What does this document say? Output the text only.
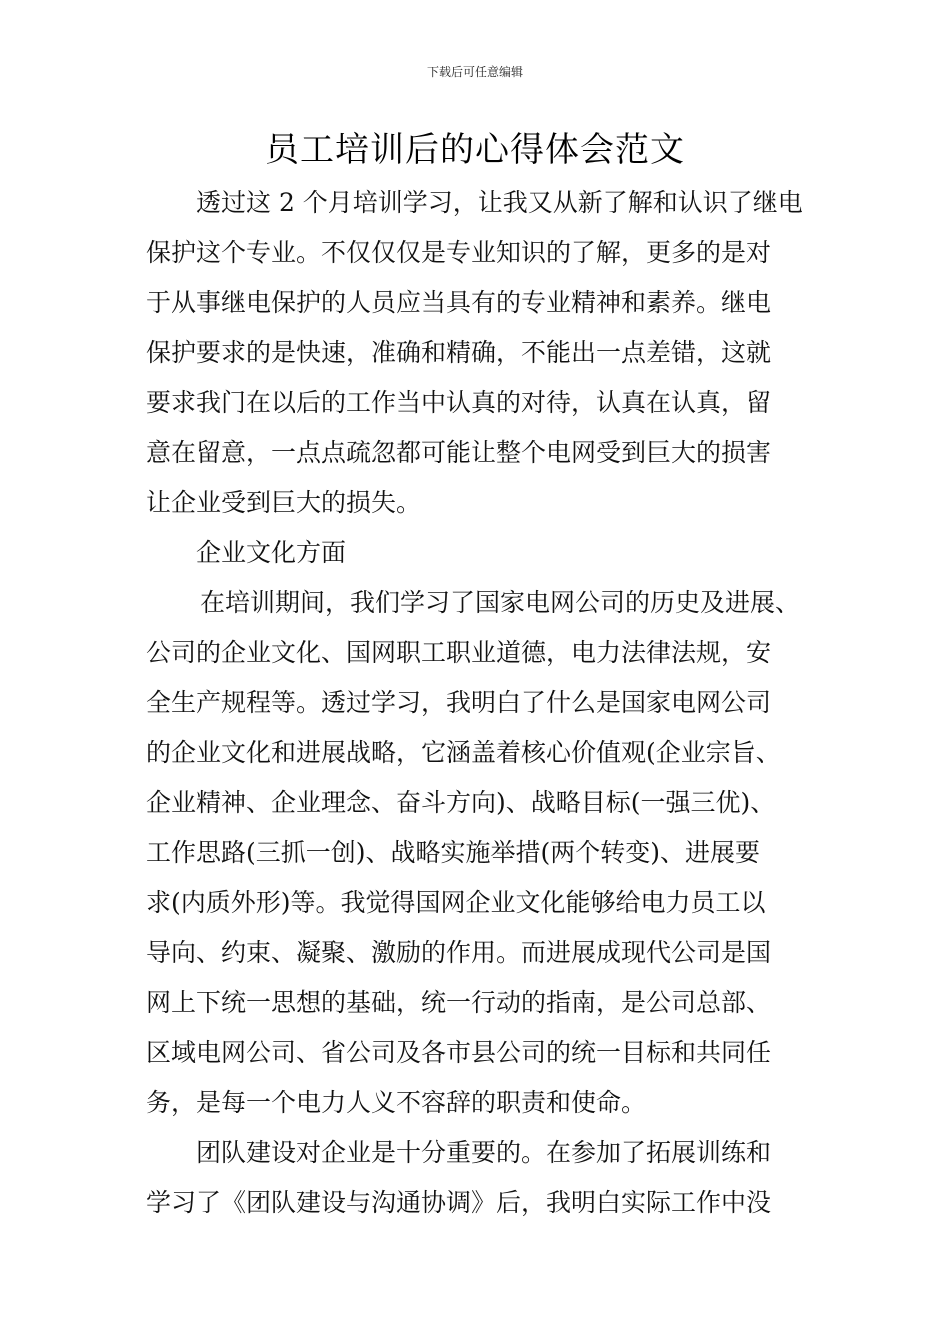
下载后可任意编辑
员工培训后的心得体会范文
透过这 2 个月培训学习，让我又从新了解和认识了继电
保护这个专业。不仅仅仅是专业知识的了解，更多的是对
于从事继电保护的人员应当具有的专业精神和素养。继电
保护要求的是快速，准确和精确，不能出一点差错，这就
要求我门在以后的工作当中认真的对待，认真在认真，留
意在留意，一点点疏忽都可能让整个电网受到巨大的损害
让企业受到巨大的损失。
企业文化方面
在培训期间，我们学习了国家电网公司的历史及进展、
公司的企业文化、国网职工职业道德，电力法律法规，安
全生产规程等。透过学习，我明白了什么是国家电网公司
的企业文化和进展战略，它涵盖着核心价值观(企业宗旨、
企业精神、企业理念、奋斗方向)、战略目标(一强三优)、
工作思路(三抓一创)、战略实施举措(两个转变)、进展要
求(内质外形)等。我觉得国网企业文化能够给电力员工以
导向、约束、凝聚、激励的作用。而进展成现代公司是国
网上下统一思想的基础，统一行动的指南，是公司总部、
区域电网公司、省公司及各市县公司的统一目标和共同任
务，是每一个电力人义不容辞的职责和使命。
团队建设对企业是十分重要的。在参加了拓展训练和
学习了《团队建设与沟通协调》后，我明白实际工作中没
